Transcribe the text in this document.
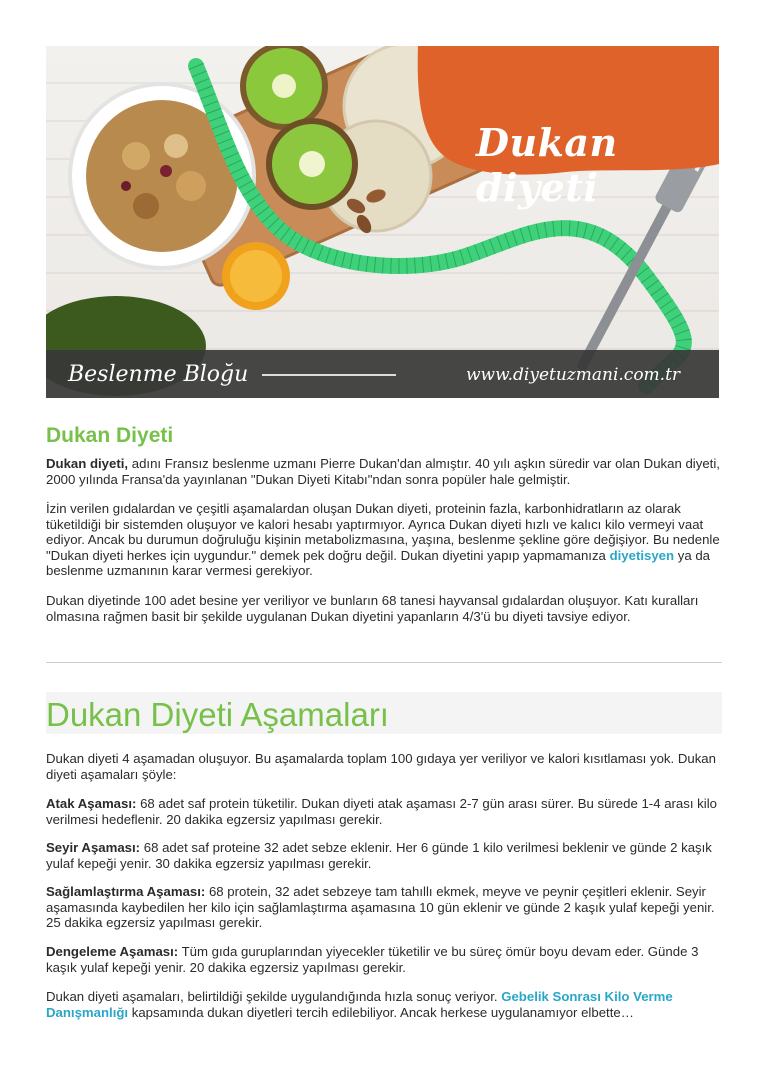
Dukan diyeti
Beslenme Bloğu	www.diyetuzmani.com.tr
Dukan Diyeti

Dukan diyeti, adını Fransız beslenme uzmanı Pierre Dukan'dan almıştır. 40 yılı aşkın süredir var olan Dukan diyeti, 2000 yılında Fransa'da yayınlanan "Dukan Diyeti Kitabı"ndan sonra popüler hale gelmiştir.

İzin verilen gıdalardan ve çeşitli aşamalardan oluşan Dukan diyeti, proteinin fazla, karbonhidratların az olarak tüketildiği bir sistemden oluşuyor ve kalori hesabı yaptırmıyor. Ayrıca Dukan diyeti hızlı ve kalıcı kilo vermeyi vaat ediyor. Ancak bu durumun doğruluğu kişinin metabolizmasına, yaşına, beslenme şekline göre değişiyor. Bu nedenle "Dukan diyeti herkes için uygundur." demek pek doğru değil. Dukan diyetini yapıp yapmamanıza diyetisyen ya da beslenme uzmanının karar vermesi gerekiyor.

Dukan diyetinde 100 adet besine yer veriliyor ve bunların 68 tanesi hayvansal gıdalardan oluşuyor. Katı kuralları olmasına rağmen basit bir şekilde uygulanan Dukan diyetini yapanların 4/3'ü bu diyeti tavsiye ediyor.

Dukan Diyeti Aşamaları

Dukan diyeti 4 aşamadan oluşuyor. Bu aşamalarda toplam 100 gıdaya yer veriliyor ve kalori kısıtlaması yok. Dukan diyeti aşamaları şöyle:

Atak Aşaması: 68 adet saf protein tüketilir. Dukan diyeti atak aşaması 2-7 gün arası sürer. Bu sürede 1-4 arası kilo verilmesi hedeflenir. 20 dakika egzersiz yapılması gerekir.

Seyir Aşaması: 68 adet saf proteine 32 adet sebze eklenir. Her 6 günde 1 kilo verilmesi beklenir ve günde 2 kaşık yulaf kepeği yenir. 30 dakika egzersiz yapılması gerekir.

Sağlamlaştırma Aşaması: 68 protein, 32 adet sebzeye tam tahıllı ekmek, meyve ve peynir çeşitleri eklenir. Seyir aşamasında kaybedilen her kilo için sağlamlaştırma aşamasına 10 gün eklenir ve günde 2 kaşık yulaf kepeği yenir. 25 dakika egzersiz yapılması gerekir.

Dengeleme Aşaması: Tüm gıda guruplarından yiyecekler tüketilir ve bu süreç ömür boyu devam eder. Günde 3 kaşık yulaf kepeği yenir. 20 dakika egzersiz yapılması gerekir.

Dukan diyeti aşamaları, belirtildiği şekilde uygulandığında hızla sonuç veriyor. Gebelik Sonrası Kilo Verme Danışmanlığı kapsamında dukan diyetleri tercih edilebiliyor. Ancak herkese uygulanamıyor elbette…
